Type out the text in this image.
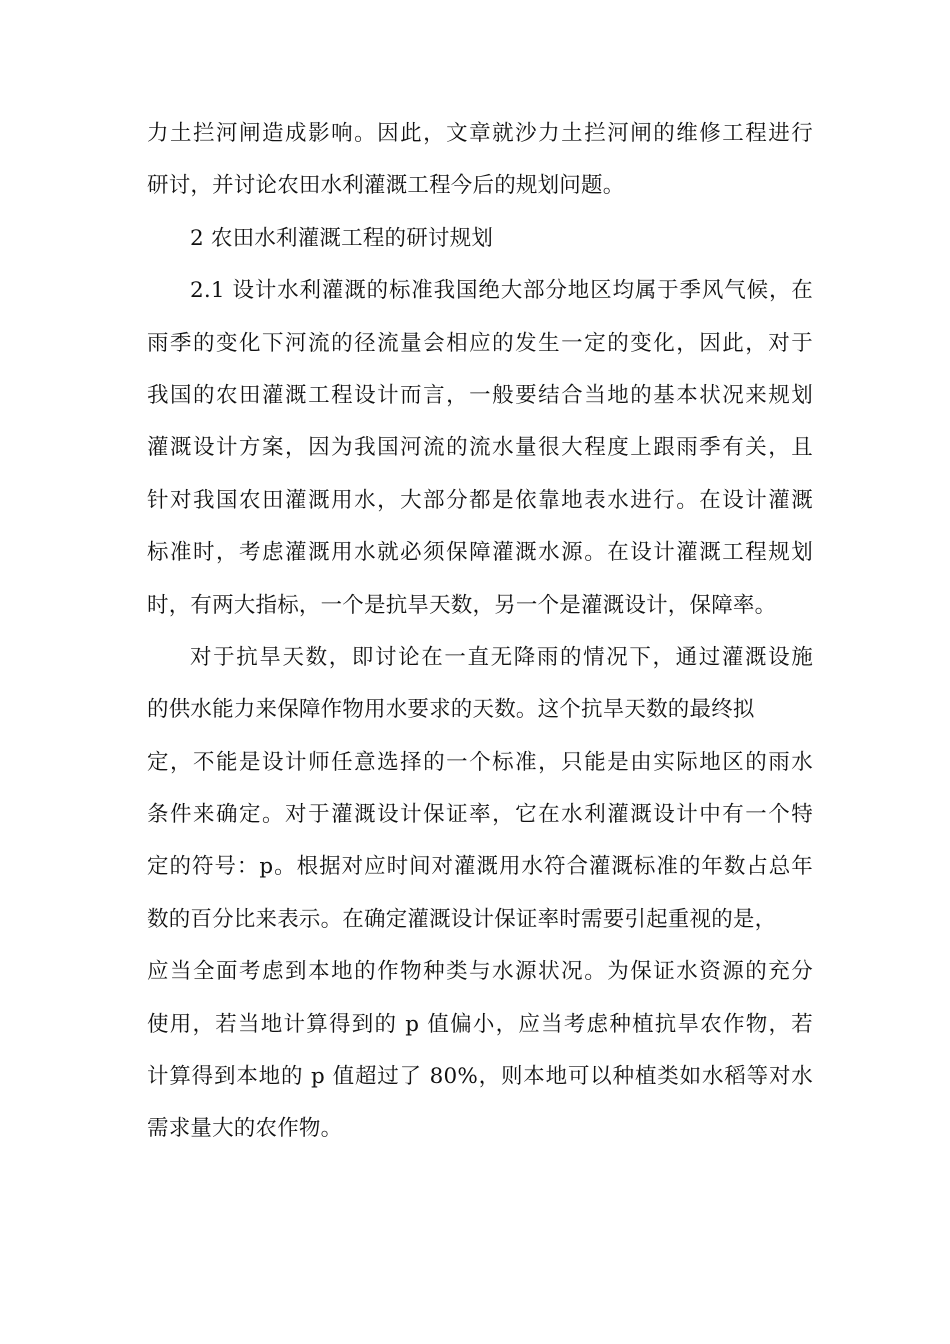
力土拦河闸造成影响。因此，文章就沙力土拦河闸的维修工程进行
研讨，并讨论农田水利灌溉工程今后的规划问题。
2 农田水利灌溉工程的研讨规划
2.1 设计水利灌溉的标准我国绝大部分地区均属于季风气候，在
雨季的变化下河流的径流量会相应的发生一定的变化，因此，对于
我国的农田灌溉工程设计而言，一般要结合当地的基本状况来规划
灌溉设计方案，因为我国河流的流水量很大程度上跟雨季有关，且
针对我国农田灌溉用水，大部分都是依靠地表水进行。在设计灌溉
标准时，考虑灌溉用水就必须保障灌溉水源。在设计灌溉工程规划
时，有两大指标，一个是抗旱天数，另一个是灌溉设计，保障率。
对于抗旱天数，即讨论在一直无降雨的情况下，通过灌溉设施
的供水能力来保障作物用水要求的天数。这个抗旱天数的最终拟
定，不能是设计师任意选择的一个标准，只能是由实际地区的雨水
条件来确定。对于灌溉设计保证率，它在水利灌溉设计中有一个特
定的符号：p。根据对应时间对灌溉用水符合灌溉标准的年数占总年
数的百分比来表示。在确定灌溉设计保证率时需要引起重视的是，
应当全面考虑到本地的作物种类与水源状况。为保证水资源的充分
使用，若当地计算得到的 p 值偏小，应当考虑种植抗旱农作物，若
计算得到本地的 p 值超过了 80%，则本地可以种植类如水稻等对水
需求量大的农作物。
